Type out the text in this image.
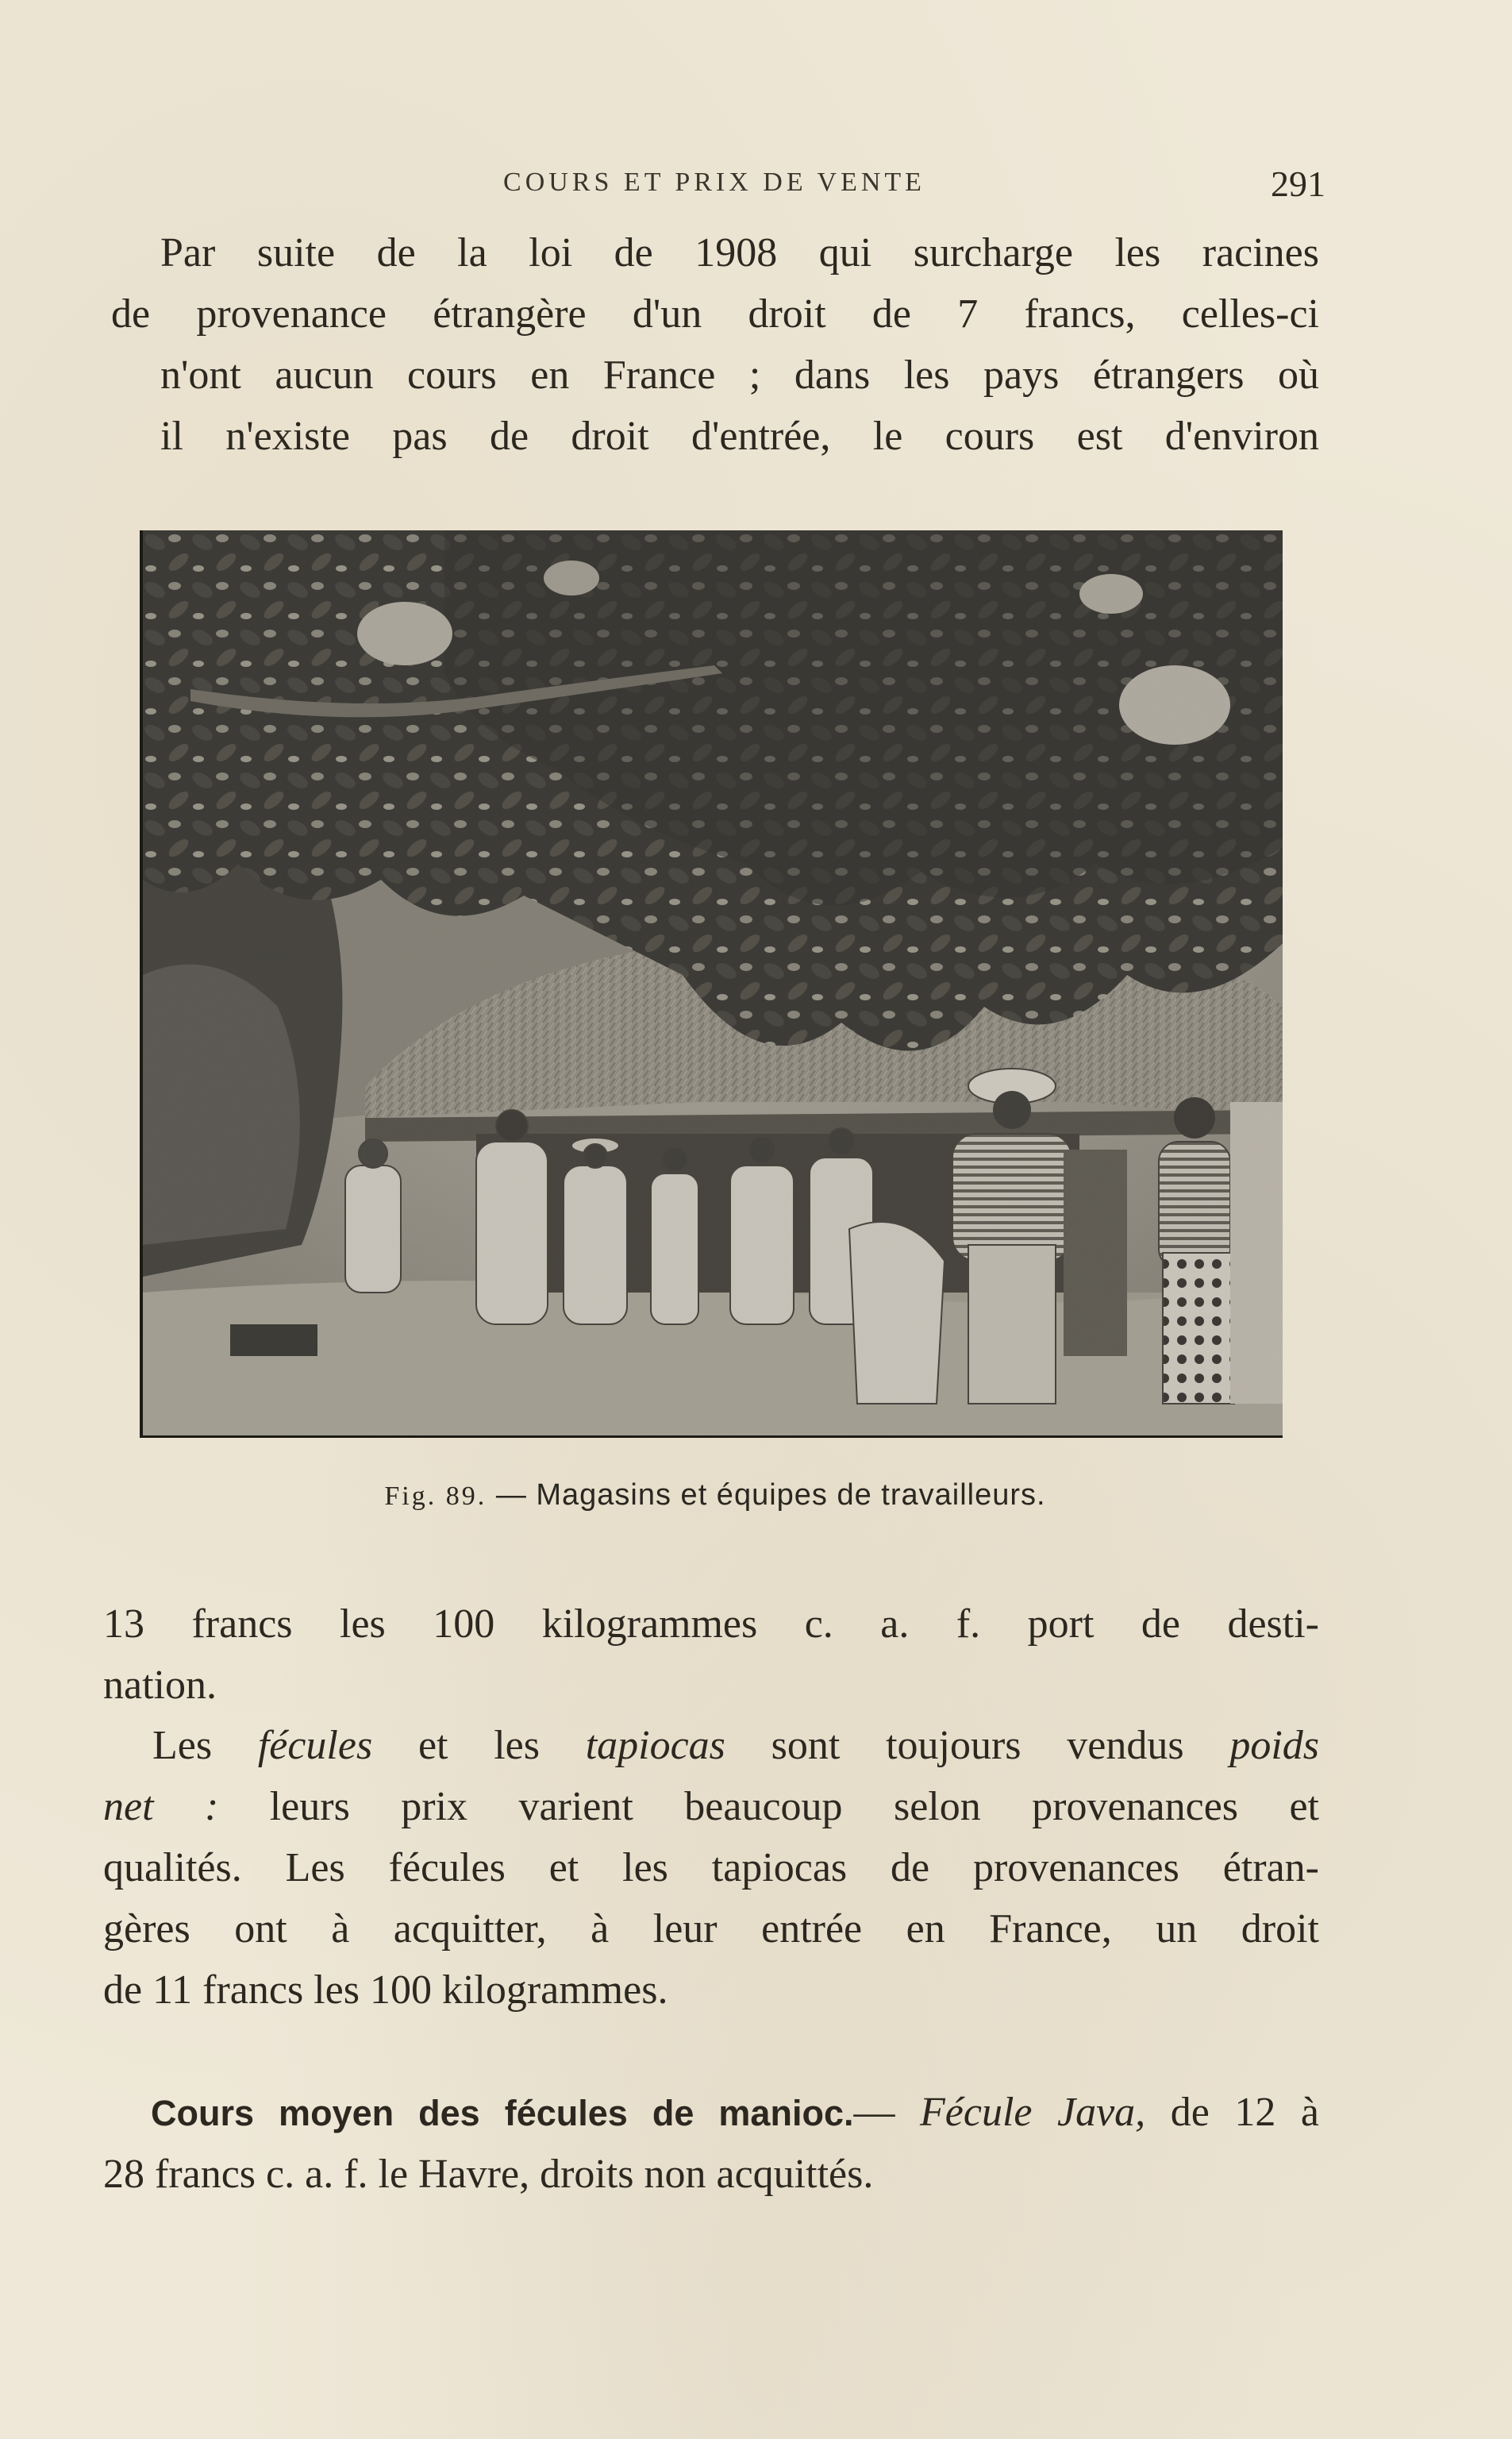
COURS ET PRIX DE VENTE	291
Par suite de la loi de 1908 qui surcharge les racines
de provenance étrangère d'un droit de 7 francs, celles-ci
n'ont aucun cours en France ; dans les pays étrangers où
il n'existe pas de droit d'entrée, le cours est d'environ
Fig. 89. — Magasins et équipes de travailleurs.
13 francs les 100 kilogrammes c. a. f. port de desti-
nation.
Les fécules et les tapiocas sont toujours vendus poids
net : leurs prix varient beaucoup selon provenances et
qualités. Les fécules et les tapiocas de provenances étran-
gères ont à acquitter, à leur entrée en France, un droit
de 11 francs les 100 kilogrammes.
Cours moyen des fécules de manioc.— Fécule Java, de 12 à
28 francs c. a. f. le Havre, droits non acquittés.
